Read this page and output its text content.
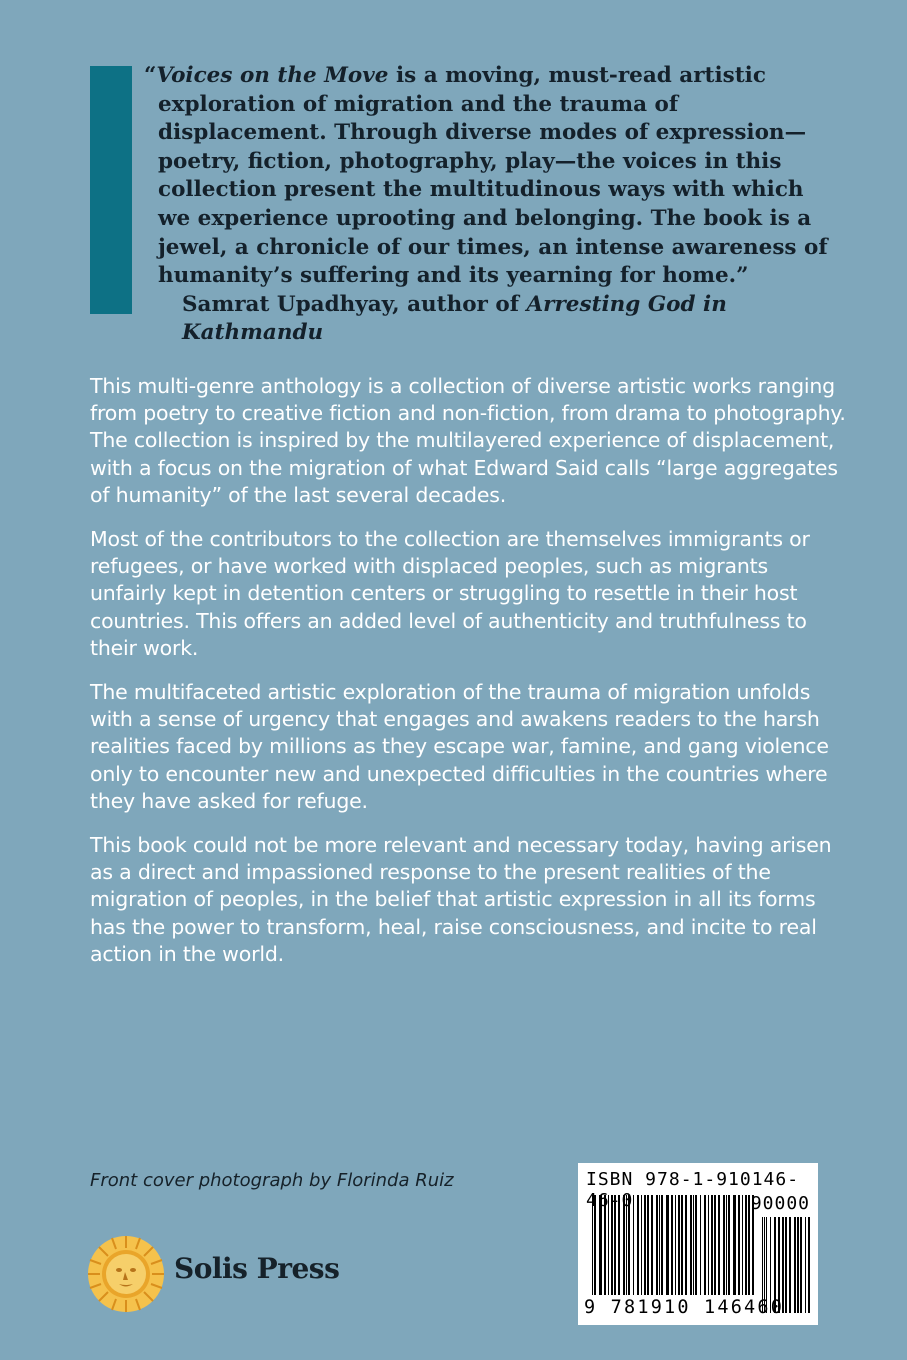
“Voices on the Move is a moving, must-read artistic

exploration of migration and the trauma of

displacement. Through diverse modes of expression—

poetry, fiction, photography, play—the voices in this

collection present the multitudinous ways with which

we experience uprooting and belonging. The book is a

jewel, a chronicle of our times, an intense awareness of

humanity’s suffering and its yearning for home.”

Samrat Upadhyay, author of Arresting God in Kathmandu

This multi-genre anthology is a collection of diverse artistic works ranging from poetry to creative fiction and non-fiction, from drama to photography. The collection is inspired by the multilayered experience of displacement, with a focus on the migration of what Edward Said calls “large aggregates of humanity” of the last several decades.

Most of the contributors to the collection are themselves immigrants or refugees, or have worked with displaced peoples, such as migrants unfairly kept in detention centers or struggling to resettle in their host countries. This offers an added level of authenticity and truthfulness to their work.

The multifaceted artistic exploration of the trauma of migration unfolds with a sense of urgency that engages and awakens readers to the harsh realities faced by millions as they escape war, famine, and gang violence only to encounter new and unexpected difficulties in the countries where they have asked for refuge.

This book could not be more relevant and necessary today, having arisen as a direct and impassioned response to the present realities of the migration of peoples, in the belief that artistic expression in all its forms has the power to transform, heal, raise consciousness, and incite to real action in the world.

Front cover photograph by Florinda Ruiz
Solis Press
ISBN 978-1-910146-46-0	90000
9 781910 146460
